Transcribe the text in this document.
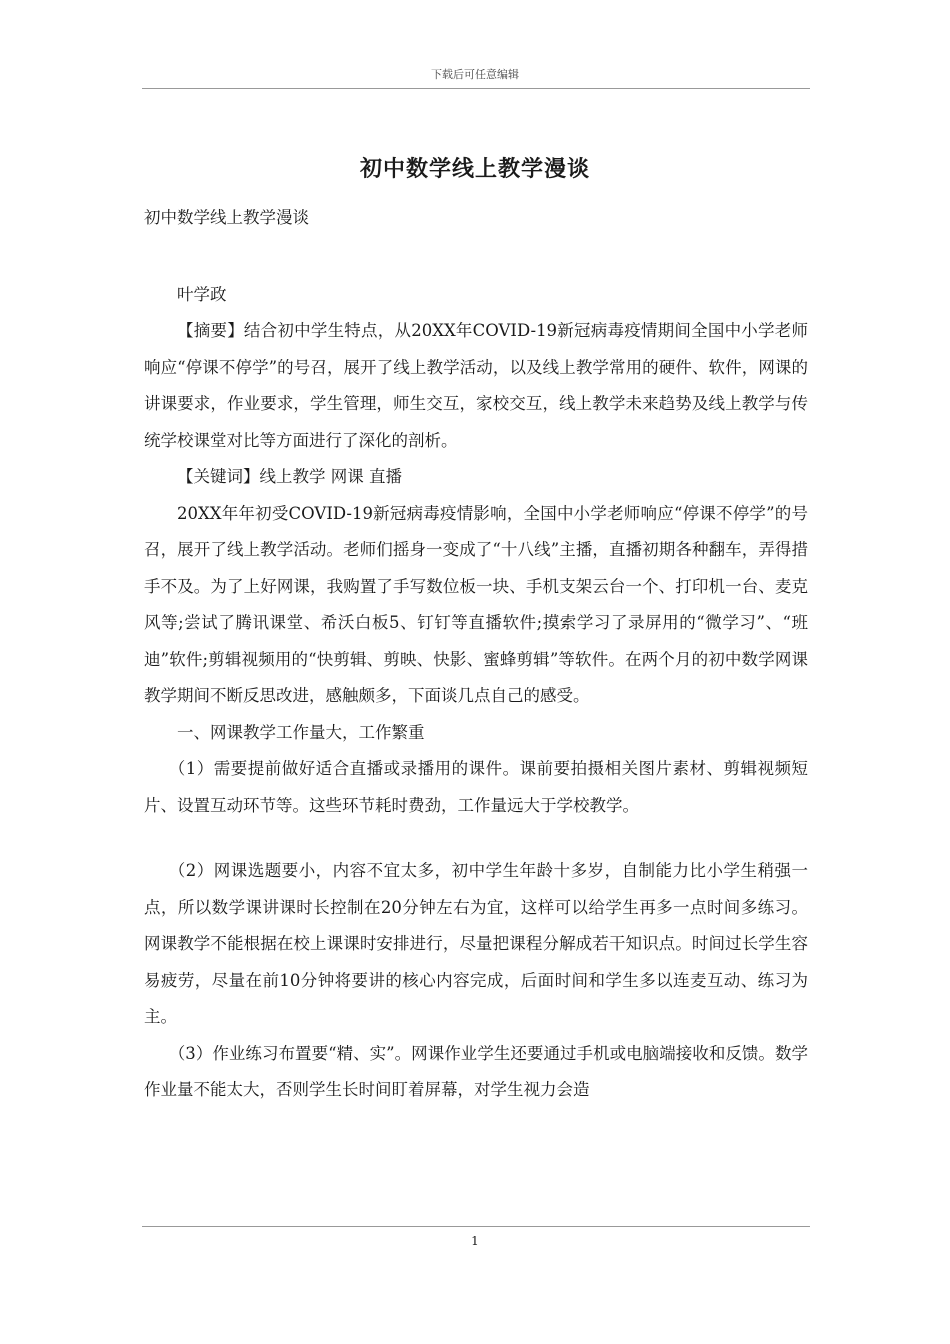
下载后可任意编辑
初中数学线上教学漫谈

初中数学线上教学漫谈

叶学政

【摘要】结合初中学生特点，从20XX年COVID-19新冠病毒疫情期间全国中小学老师响应“停课不停学”的号召，展开了线上教学活动，以及线上教学常用的硬件、软件，网课的讲课要求，作业要求，学生管理，师生交互，家校交互，线上教学未来趋势及线上教学与传统学校课堂对比等方面进行了深化的剖析。

【关键词】线上教学 网课 直播

20XX年年初受COVID-19新冠病毒疫情影响，全国中小学老师响应“停课不停学”的号召，展开了线上教学活动。老师们摇身一变成了“十八线”主播，直播初期各种翻车，弄得措手不及。为了上好网课，我购置了手写数位板一块、手机支架云台一个、打印机一台、麦克风等;尝试了腾讯课堂、希沃白板5、钉钉等直播软件;摸索学习了录屏用的“微学习”、“班迪”软件;剪辑视频用的“快剪辑、剪映、快影、蜜蜂剪辑”等软件。在两个月的初中数学网课教学期间不断反思改进，感触颇多，下面谈几点自己的感受。

一、网课教学工作量大，工作繁重

（1）需要提前做好适合直播或录播用的课件。课前要拍摄相关图片素材、剪辑视频短片、设置互动环节等。这些环节耗时费劲，工作量远大于学校教学。

（2）网课选题要小，内容不宜太多，初中学生年龄十多岁，自制能力比小学生稍强一点，所以数学课讲课时长控制在20分钟左右为宜，这样可以给学生再多一点时间多练习。网课教学不能根据在校上课课时安排进行，尽量把课程分解成若干知识点。时间过长学生容易疲劳，尽量在前10分钟将要讲的核心内容完成，后面时间和学生多以连麦互动、练习为主。

（3）作业练习布置要“精、实”。网课作业学生还要通过手机或电脑端接收和反馈。数学作业量不能太大，否则学生长时间盯着屏幕，对学生视力会造

1
